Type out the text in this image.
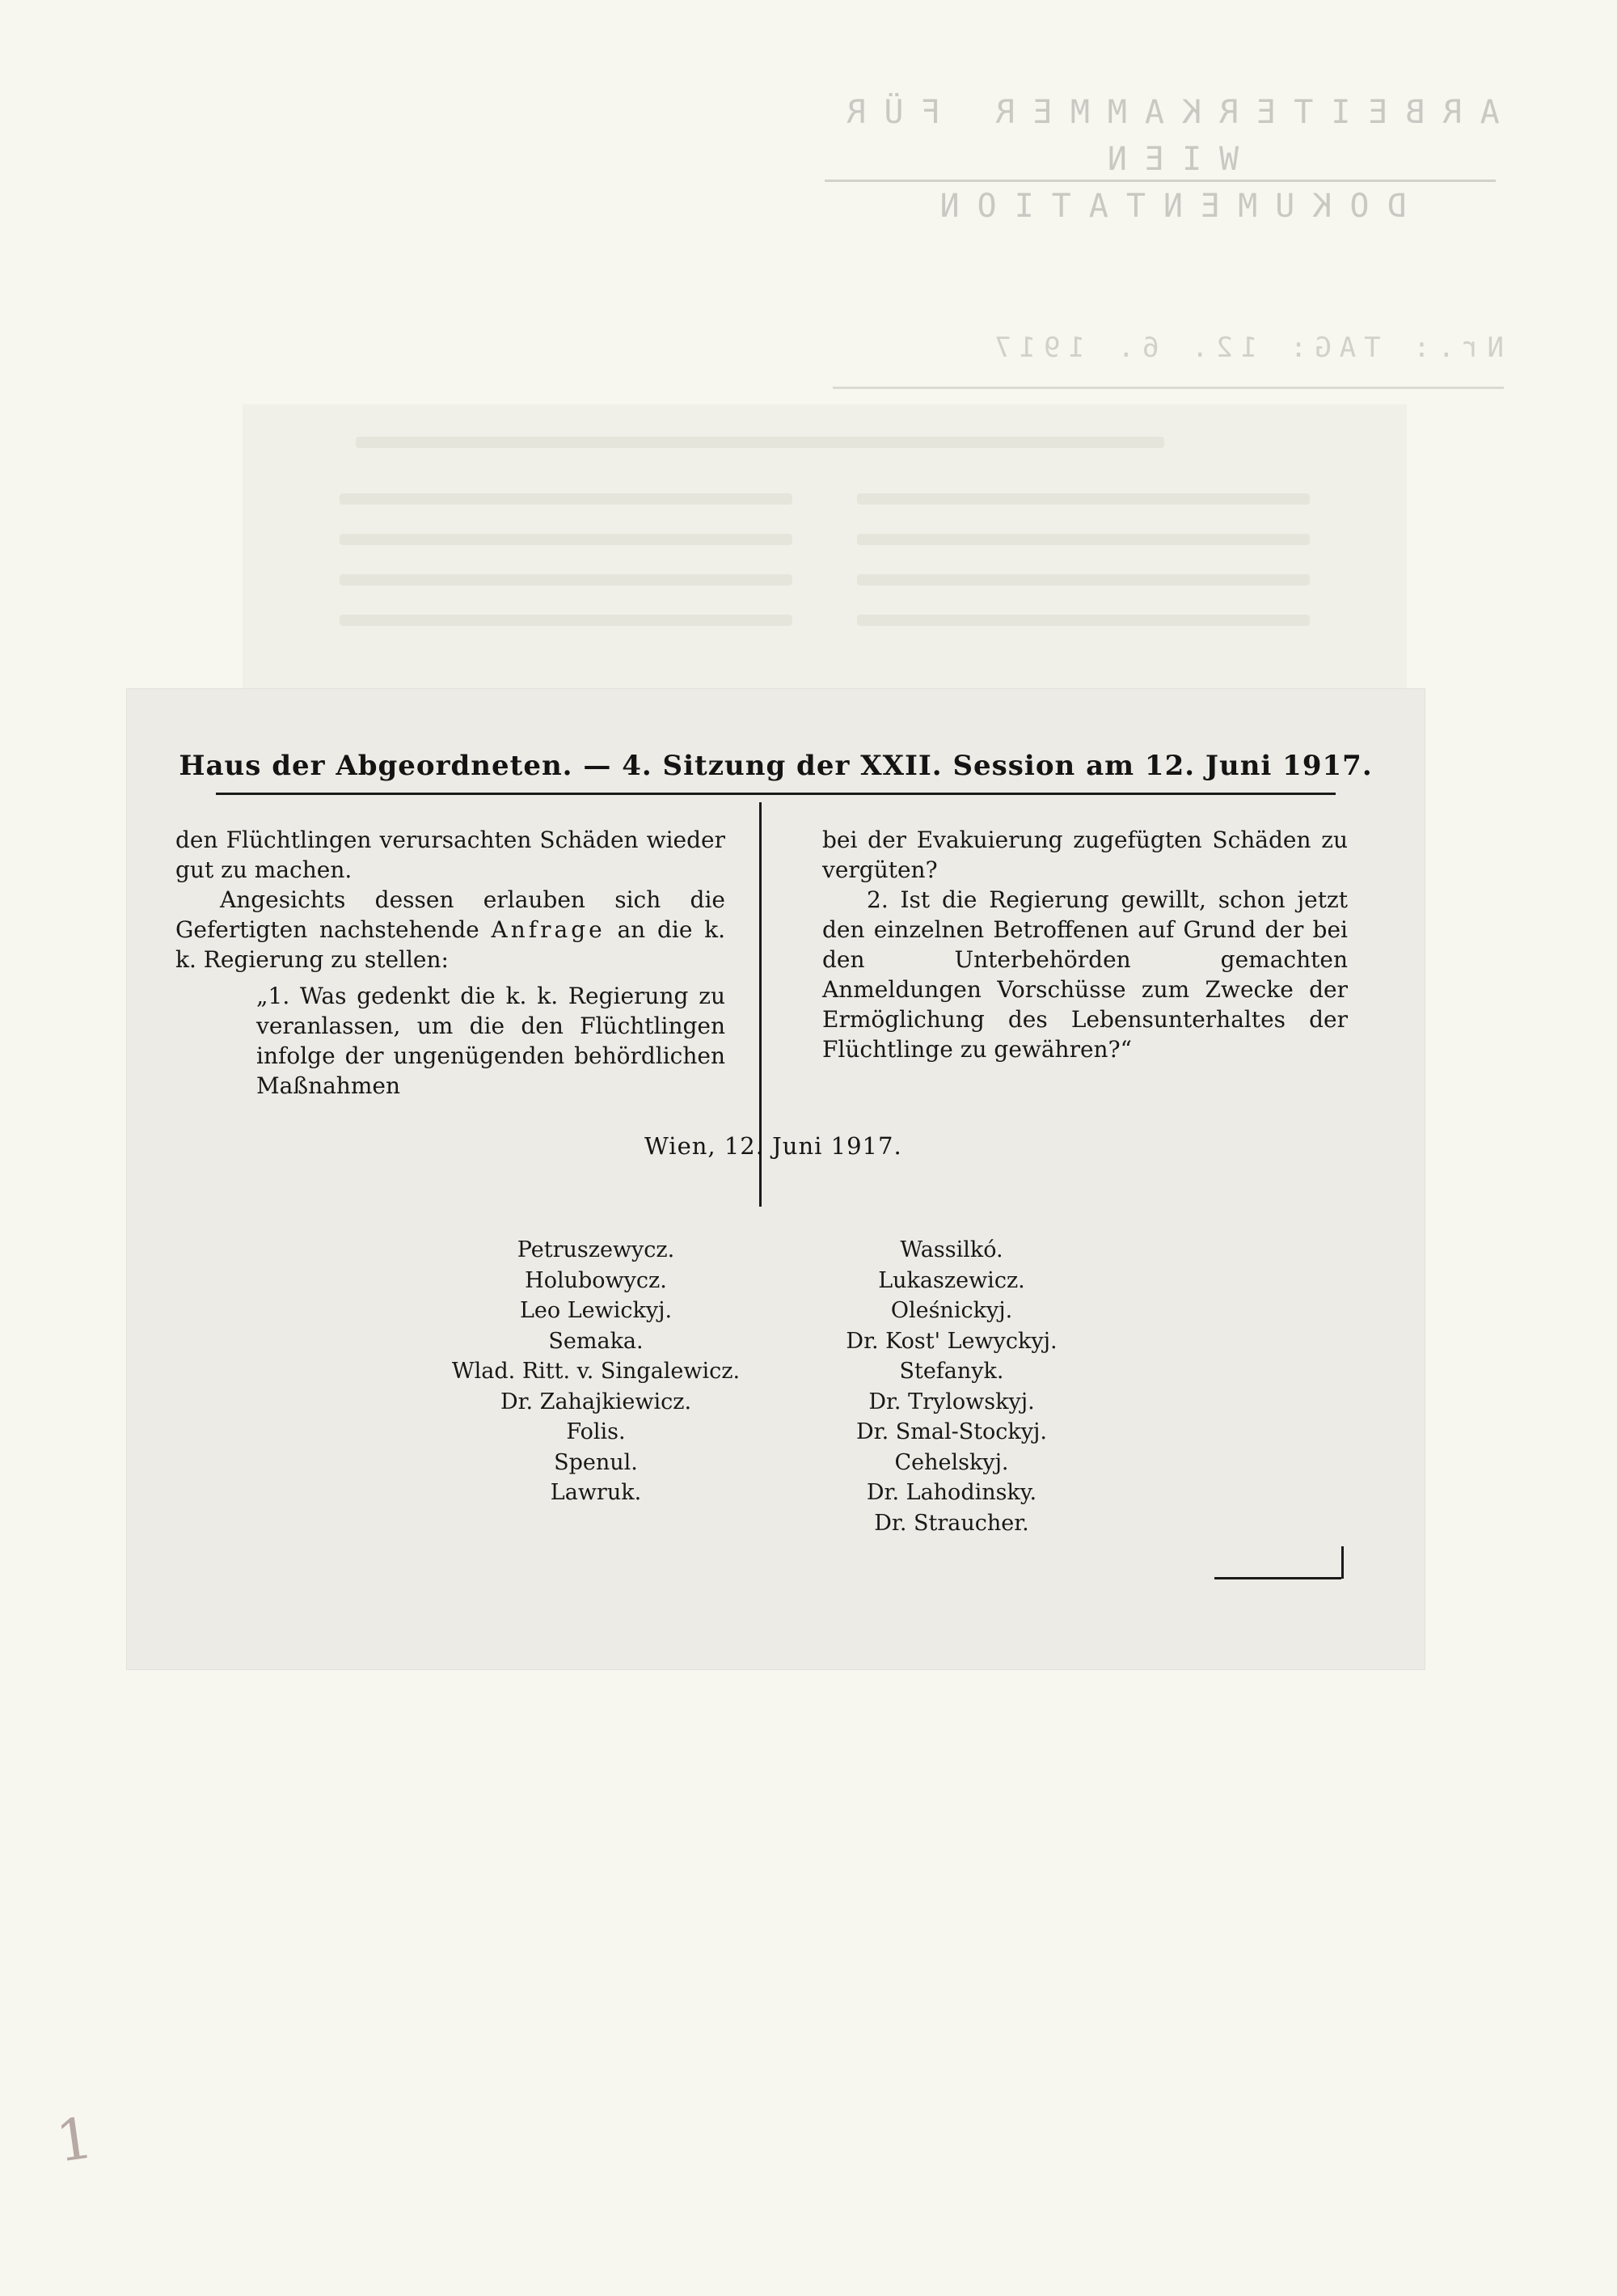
ARBEITERKAMMER FÜR WIEN
DOKUMENTATION
Nr.: TAG: 12. 6. 1917
Haus der Abgeordneten. — 4. Sitzung der XXII. Session am 12. Juni 1917.

den Flüchtlingen verursachten Schäden wieder gut zu machen.

Angesichts dessen erlauben sich die Gefertigten nachstehende Anfrage an die k. k. Regierung zu stellen:

„1. Was gedenkt die k. k. Regierung zu veranlassen, um die den Flüchtlingen infolge der ungenügenden behördlichen Maßnahmen

bei der Evakuierung zugefügten Schäden zu vergüten?

2. Ist die Regierung gewillt, schon jetzt den einzelnen Betroffenen auf Grund der bei den Unterbehörden gemachten Anmeldungen Vorschüsse zum Zwecke der Ermöglichung des Lebensunterhaltes der Flüchtlinge zu gewähren?“

Wien, 12. Juni 1917.
Petruszewycz.
Holubowycz.
Leo Lewickyj.
Semaka.
Wlad. Ritt. v. Singalewicz.
Dr. Zahajkiewicz.
Folis.
Spenul.
Lawruk.
Wassilkó.
Lukaszewicz.
Oleśnickyj.
Dr. Kost' Lewyckyj.
Stefanyk.
Dr. Trylowskyj.
Dr. Smal-Stockyj.
Cehelskyj.
Dr. Lahodinsky.
Dr. Straucher.
1
